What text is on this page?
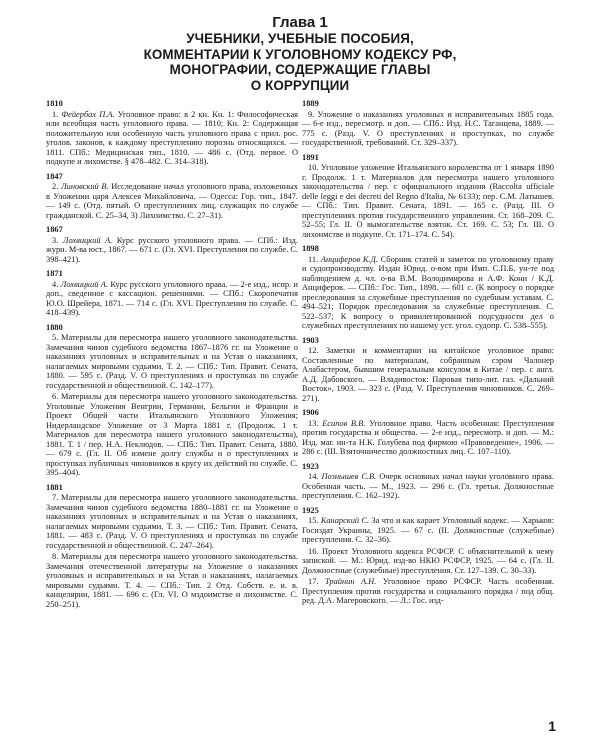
Глава 1
УЧЕБНИКИ, УЧЕБНЫЕ ПОСОБИЯ,
КОММЕНТАРИИ К УГОЛОВНОМУ КОДЕКСУ РФ,
МОНОГРАФИИ, СОДЕРЖАЩИЕ ГЛАВЫ
О КОРРУПЦИИ
1810
1. Фейербах П.А. Уголовное право: в 2 кн. Кн. 1: Философическая или всеобщая часть уголовного права. — 1810; Кн. 2: Содержащая положительную или особенную часть уголовного права с прил. рос. уголов. законов, к каждому преступлению порознь относящихся. — 1811. СПб.: Медицинская тип., 1810. — 486 с. (Отд. первое. О подкупе и лихомстве. § 478–482. С. 314–318).
1847
2. Линовский В. Исследование начал уголовного права, изложенных в Уложении царя Алексея Михайловича. — Одесса: Гор. тип., 1847. — 149 с. (Отд. пятый. О преступлениях лиц, служащих по службе гражданской. С. 25–34, 3) Лихоимство. С. 27–31).
1867
3. Лохвицкий А. Курс русского уголовного права. — СПб.: Изд. журн. М-ва юст., 1867. — 671 с. (Гл. XVI. Преступления по службе. С. 398–421).
1871
4. Лохвицкий А. Курс русского уголовного права. — 2-е изд., испр. и доп., сведенное с кассацион. решениями. — СПб.: Скоропечатня Ю.О. Шрейера, 1871. — 714 с. (Гл. XVI. Преступления по службе. С. 418–439).
1880
5. Материалы для пересмотра нашего уголовного законодательства. Замечания чинов судебного ведомства 1867–1876 гг. на Уложение о наказаниях уголовных и исправительных и на Устав о наказаниях, налагаемых мировыми судьями. Т. 2. — СПб.: Тип. Правит. Сената, 1880. — 595 с. (Разд. V. О преступлениях и проступках по службе государственной и общественной. С. 142–177).
6. Материалы для пересмотра нашего уголовного законодательства. Уголовные Уложения Венгрии, Германии, Бельгии и Франции и Проект Общей части Итальянского Уголовного Уложения; Нидерландское Уложение от 3 Марта 1881 г. (Продолж. 1 т. Материалов для пересмотра нашего уголовного законодательства), 1881. Т. 1 / пер. Н.А. Неклюдов. — СПб.: Тип. Правит. Сената, 1880. — 679 с. (Гл. II. Об измене долгу службы и о преступлениях и проступках публичных чиновников в кругу их действий по службе. С. 395–404).
1881
7. Материалы для пересмотра нашего уголовного законодательства. Замечания чинов судебного ведомства 1880–1881 гг. на Уложение о наказаниях уголовных и исправительных и на Устав о наказаниях, налагаемых мировыми судьями. Т. 3. — СПб.: Тип. Правит. Сената, 1881. — 483 с. (Разд. V. О преступлениях и проступках по службе государственной и общественной. С. 247–264).
8. Материалы для пересмотра нашего уголовного законодательства. Замечания отечественной литературы на Уложение о наказаниях уголовных и исправительных и на Устав о наказаниях, налагаемых мировыми судьями. Т. 4. — СПб.: Тип. 2 Отд. Собств. е. и. в. канцелярии, 1881. — 696 с. (Гл. VI. О мздоимстве и лихоимстве. С. 250–251).
1889
9. Уложение о наказаниях уголовных и исправительных 1885 года. — 6-е изд., пересмотр. и доп. — СПб.: Изд. Н.С. Таганцева, 1889. — 775 с. (Разд. V. О преступлениях и проступках, по службе государственной, требований. Ст. 329–337).
1891
10. Уголовное уложение Итальянского королевства от 1 января 1890 г. Продолж. 1 т. Материалов для пересмотра нашего уголовного законодательства / пер. с официального издания (Raccolta ufficiale delle leggi e dei decreti del Regno d'Italia, № 6133); пер. С.М. Латышев. — СПб.: Тип. Правит. Сената, 1891. — 165 с. (Разд. III. О преступлениях против государственного управления. Ст. 168–209. С. 52–55; Гл. II. О вымогательстве взяток. Ст. 169. С. 53; Гл. III. О лихоимстве и подкупе. Ст. 171–174. С. 54).
1898
11. Анциферов К.Д. Сборник статей и заметок по уголовному праву и судопроизводству. Издан Юрид. о-вом при Имп. С.П.Б. ун-те под наблюдением д. чл. о-ва В.М. Володимирова и А.Ф. Кони / К.Д. Анциферов. — СПб.: Гос. Тип., 1898. — 601 с. (К вопросу о порядке преследования за служебные преступления по судебным уставам. С. 494–521; Порядок преследования за служебные преступления. С. 522–537; К вопросу о привилегированной подсудности дел о служебных преступлениях по нашему уст. угол. судопр. С. 538–555).
1903
12. Заметки и комментарии на китайское уголовное право: Составленные по материалам, собранным сэром Чалонер Алабастером, бывшим генеральным консулом в Китае / пер. с англ. А.Д. Дабовского. — Владивосток: Паровая типо-лит. газ. «Дальний Восток», 1903. — 323 с. (Разд. V. Преступления чиновников. С. 269–271).
1906
13. Есипов В.В. Уголовное право. Часть особенная: Преступления против государства и общества. — 2-е изд., пересмотр. и доп. — М.: Изд. маг. ин-та Н.К. Голубева под фирмою «Правоведение», 1906. — 286 с. (III. Взяточничество должностных лиц. С. 107–110).
1923
14. Познышев С.В. Очерк основных начал науки уголовного права. Особенная часть. — М., 1923. — 296 с. (Гл. третья. Должностные преступления. С. 162–192).
1925
15. Канарский С. За что и как карает Уголовный кодекс. — Харьков: Госиздат Украины, 1925. — 67 с. (II. Должностные (служебные) преступления. С. 32–36).
16. Проект Уголовного кодекса РСФСР. С объяснительной к нему запиской. — М.: Юрид. изд-во НКЮ РСФСР, 1925. — 64 с. (Гл. II. Должностные (служебные) преступления. Ст. 127–139. С. 30–33).
17. Трайнин А.Н. Уголовное право РСФСР. Часть особенная. Преступления против государства и социального порядка / под общ. ред. Д.А. Магеровского. — Л.: Гос. изд-
1
